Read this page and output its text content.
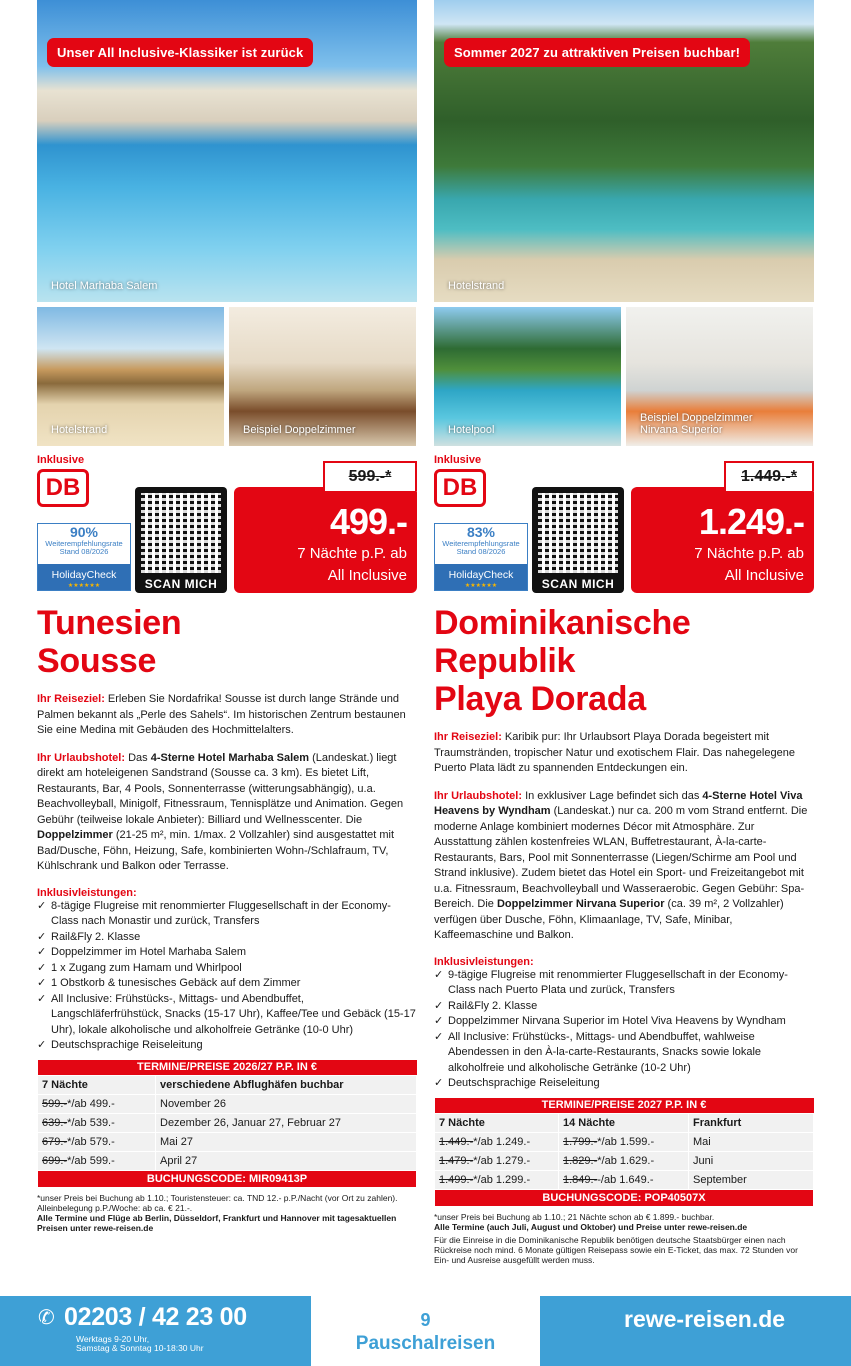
Unser All Inclusive-Klassiker ist zurück
Hotel Marhaba Salem
Hotelstrand	Beispiel Doppelzimmer
Inklusive
DB
90%
Weiterempfehlungsrate
Stand 08/2026
HolidayCheck
★★★★★★	SCAN MICH
499.-
7 Nächte p.P. ab
All Inclusive
599.-*
Tunesien
Sousse

Ihr Reiseziel: Erleben Sie Nordafrika! Sousse ist durch lange Strände und Palmen bekannt als „Perle des Sahels“. Im historischen Zentrum bestaunen Sie eine Medina mit Gebäuden des Hochmittelalters.

Ihr Urlaubshotel: Das 4-Sterne Hotel Marhaba Salem (Landeskat.) liegt direkt am hoteleigenen Sandstrand (Sousse ca. 3 km). Es bietet Lift, Restaurants, Bar, 4 Pools, Sonnenterrasse (witterungsabhängig), u.a. Beachvolleyball, Minigolf, Fitnessraum, Tennisplätze und Animation. Gegen Gebühr (teilweise lokale Anbieter): Billiard und Wellnesscenter. Die Doppelzimmer (21-25 m², min. 1/max. 2 Vollzahler) sind ausgestattet mit Bad/Dusche, Föhn, Heizung, Safe, kombinierten Wohn-/Schlafraum, TV, Kühlschrank und Balkon oder Terrasse.

Inklusivleistungen:
✓ 8-tägige Flugreise mit renommierter Fluggesellschaft in der Economy-Class nach Monastir und zurück, Transfers
✓ Rail&Fly 2. Klasse
✓ Doppelzimmer im Hotel Marhaba Salem
✓ 1 x Zugang zum Hamam und Whirlpool
✓ 1 Obstkorb & tunesisches Gebäck auf dem Zimmer
✓ All Inclusive: Frühstücks-, Mittags- und Abendbuffet, Langschläferfrühstück, Snacks (15-17 Uhr), Kaffee/Tee und Gebäck (15-17 Uhr), lokale alkoholische und alkoholfreie Getränke (10-0 Uhr)
✓ Deutschsprachige Reiseleitung
TERMINE/PREISE 2026/27 P.P. IN €	
7 Nächte	verschiedene Abflughäfen buchbar
599.-*/ab 499.-	November 26
639.-*/ab 539.-	Dezember 26, Januar 27, Februar 27
679.-*/ab 579.-	Mai 27
699.-*/ab 599.-	April 27
BUCHUNGSCODE: MIR09413P	
*unser Preis bei Buchung ab 1.10.; Touristensteuer: ca. TND 12.- p.P./Nacht (vor Ort zu zahlen). Alleinbelegung p.P./Woche: ab ca. € 21.-.
Alle Termine und Flüge ab Berlin, Düsseldorf, Frankfurt und Hannover mit tagesaktuellen Preisen unter rewe-reisen.de
Sommer 2027 zu attraktiven Preisen buchbar!
Hotelstrand
Hotelpool
Beispiel Doppelzimmer
Nirvana Superior
Inklusive
DB
83%
Weiterempfehlungsrate
Stand 08/2026
HolidayCheck
★★★★★★	SCAN MICH
1.249.-
7 Nächte p.P. ab
All Inclusive
1.449.-*
Dominikanische Republik
Playa Dorada

Ihr Reiseziel: Karibik pur: Ihr Urlaubsort Playa Dorada begeistert mit Traumstränden, tropischer Natur und exotischem Flair. Das nahegelegene Puerto Plata lädt zu spannenden Entdeckungen ein.

Ihr Urlaubshotel: In exklusiver Lage befindet sich das 4-Sterne Hotel Viva Heavens by Wyndham (Landeskat.) nur ca. 200 m vom Strand entfernt. Die moderne Anlage kombiniert modernes Décor mit Atmosphäre. Zur Ausstattung zählen kostenfreies WLAN, Buffetrestaurant, À-la-carte-Restaurants, Bars, Pool mit Sonnenterrasse (Liegen/Schirme am Pool und Strand inklusive). Zudem bietet das Hotel ein Sport- und Freizeitangebot mit u.a. Fitnessraum, Beachvolleyball und Wasseraerobic. Gegen Gebühr: Spa-Bereich. Die Doppelzimmer Nirvana Superior (ca. 39 m², 2 Vollzahler) verfügen über Dusche, Föhn, Klimaanlage, TV, Safe, Minibar, Kaffeemaschine und Balkon.

Inklusivleistungen:
✓ 9-tägige Flugreise mit renommierter Fluggesellschaft in der Economy-Class nach Puerto Plata und zurück, Transfers
✓ Rail&Fly 2. Klasse
✓ Doppelzimmer Nirvana Superior im Hotel Viva Heavens by Wyndham
✓ All Inclusive: Frühstücks-, Mittags- und Abendbuffet, wahlweise Abendessen in den À-la-carte-Restaurants, Snacks sowie lokale alkoholfreie und alkoholische Getränke (10-2 Uhr)
✓ Deutschsprachige Reiseleitung
TERMINE/PREISE 2027 P.P. IN €		
7 Nächte	14 Nächte	Frankfurt
1.449.-*/ab 1.249.-	1.799.-*/ab 1.599.-	Mai
1.479.-*/ab 1.279.-	1.829.-*/ab 1.629.-	Juni
1.499.-*/ab 1.299.-	1.849.--/ab 1.649.-	September
BUCHUNGSCODE: POP40507X		
*unser Preis bei Buchung ab 1.10.; 21 Nächte schon ab € 1.899.- buchbar.
Alle Termine (auch Juli, August und Oktober) und Preise unter rewe-reisen.de
Für die Einreise in die Dominikanische Republik benötigen deutsche Staatsbürger einen nach Rückreise noch mind. 6 Monate gültigen Reisepass sowie ein E-Ticket, das max. 72 Stunden vor Ein- und Ausreise ausgefüllt werden muss.
✆ 02203 / 42 23 00
Werktags 9-20 Uhr,
Samstag & Sonntag 10-18:30 Uhr
9
Pauschalreisen
rewe-reisen.de
